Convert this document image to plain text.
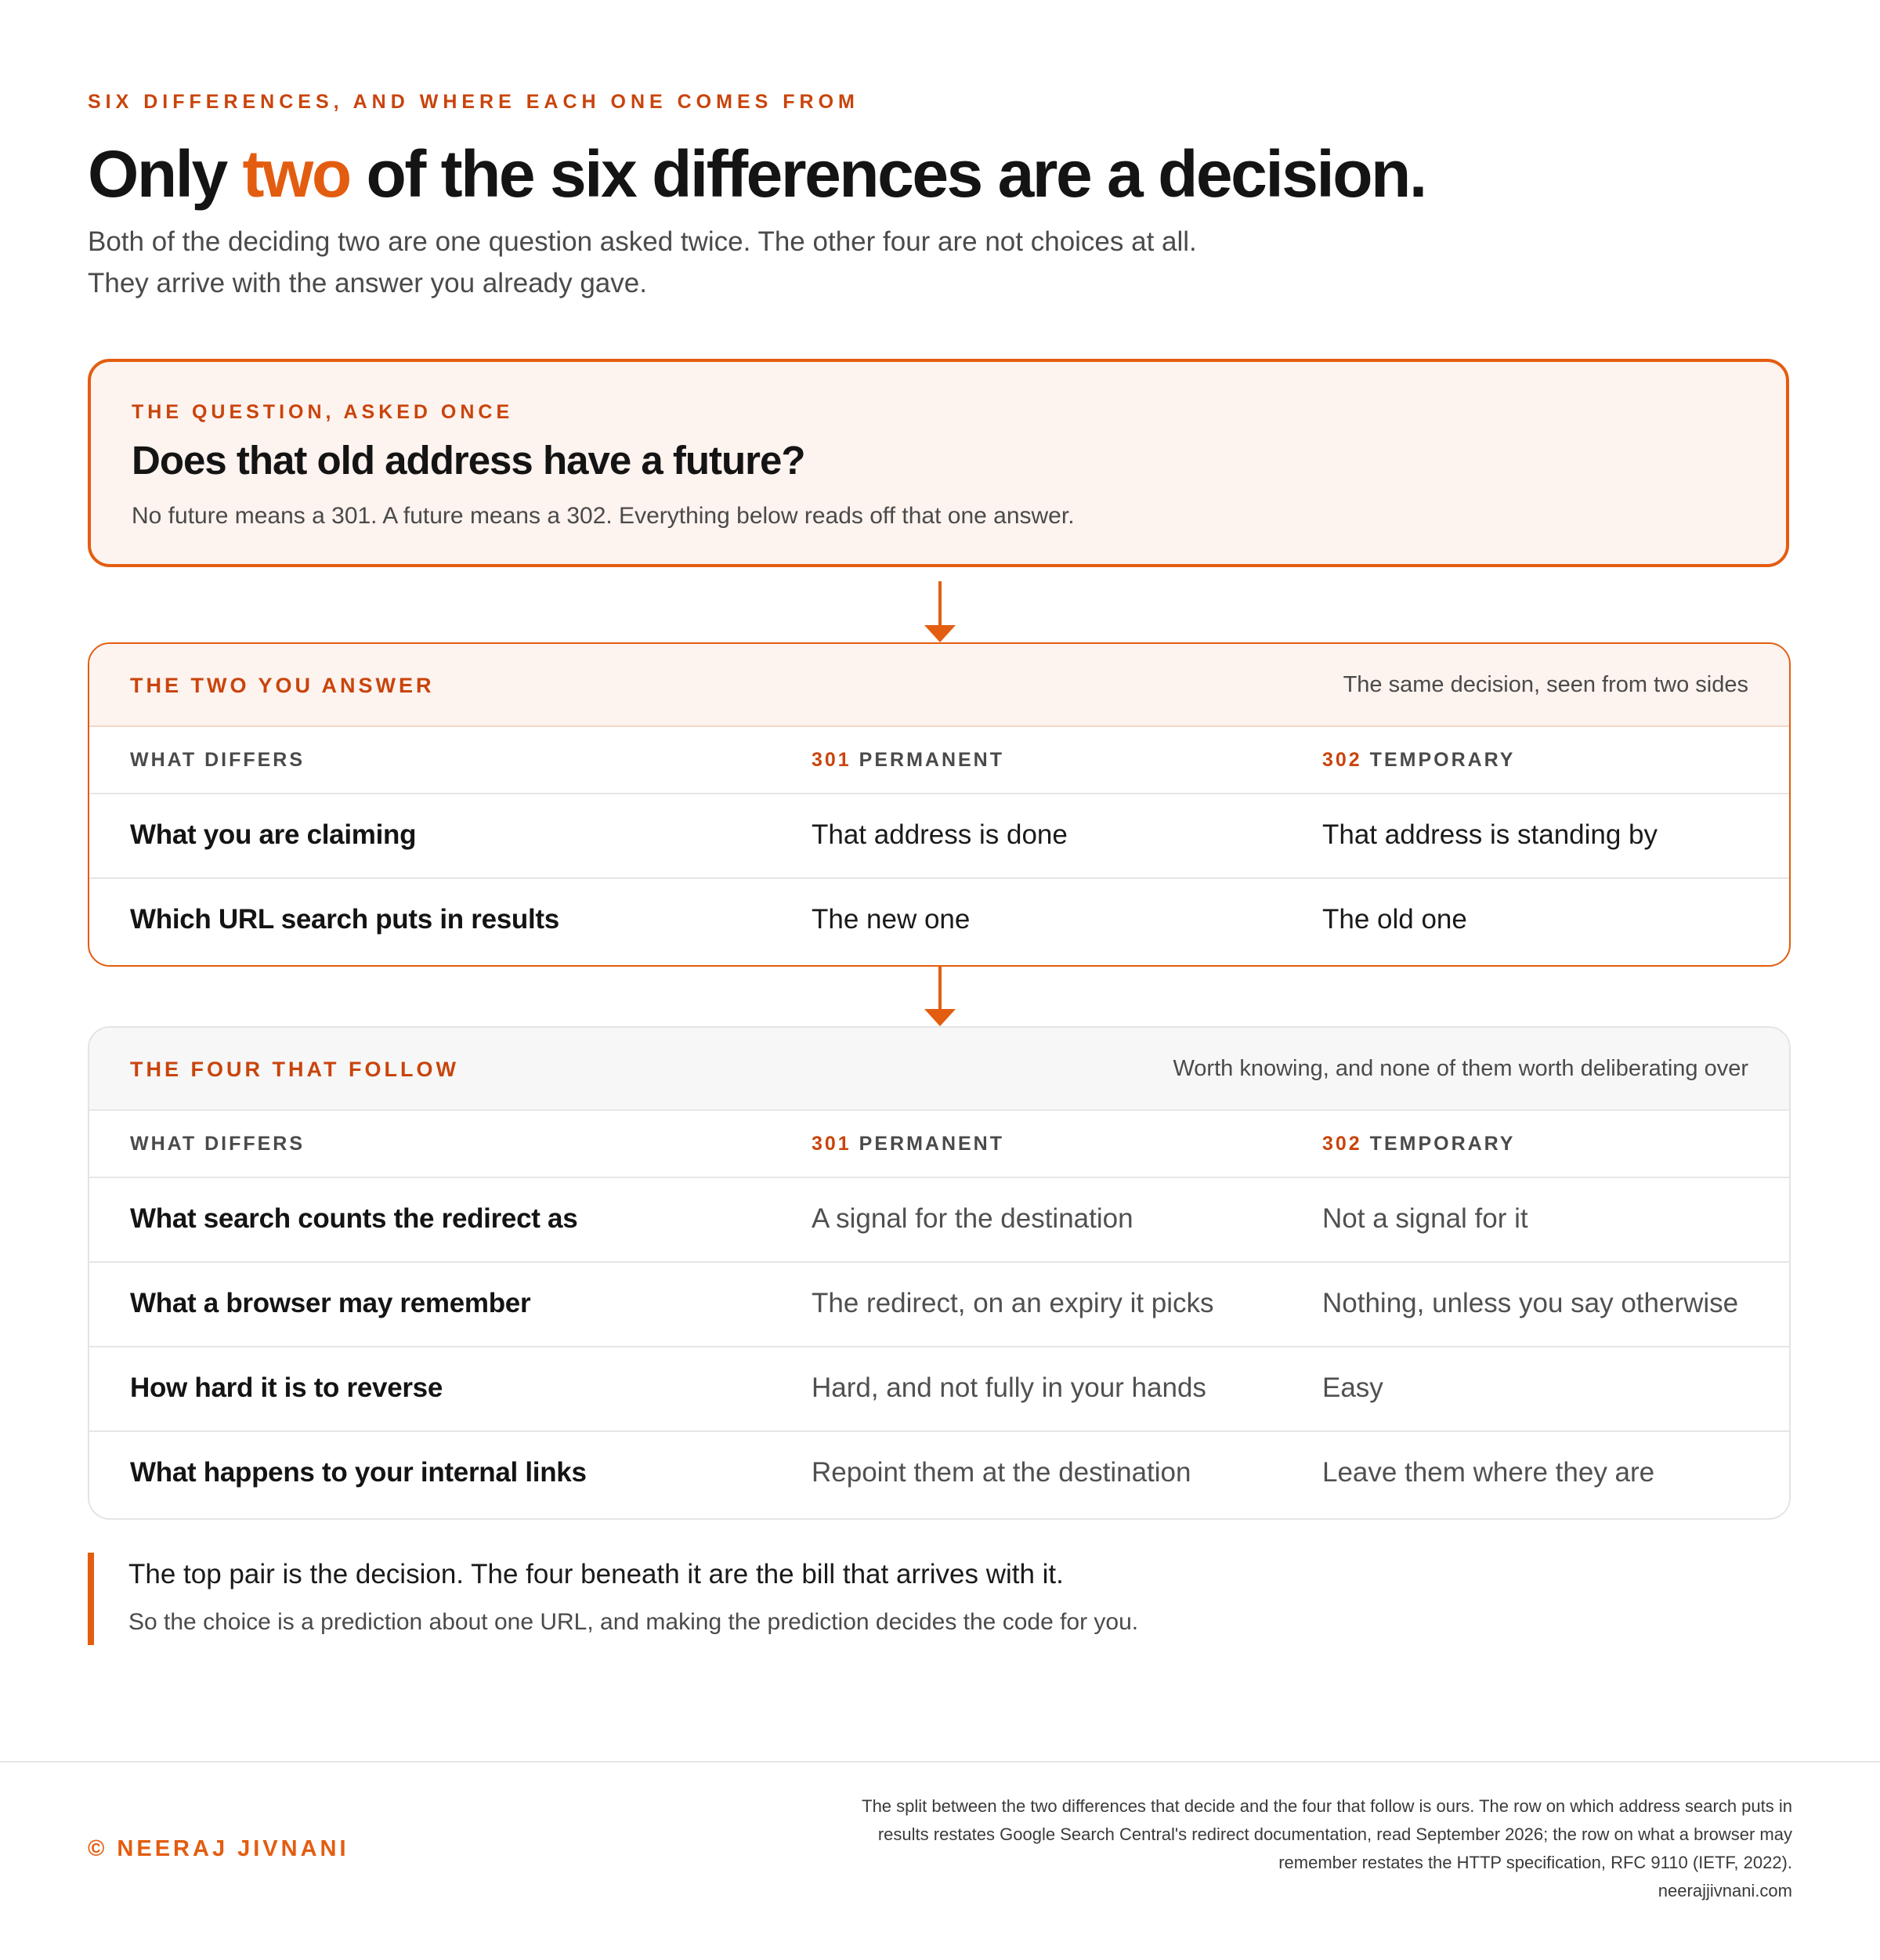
SIX DIFFERENCES, AND WHERE EACH ONE COMES FROM
Only two of the six differences are a decision.
Both of the deciding two are one question asked twice. The other four are not choices at all.
They arrive with the answer you already gave.
THE QUESTION, ASKED ONCE
Does that old address have a future?
No future means a 301. A future means a 302. Everything below reads off that one answer.
THE TWO YOU ANSWER	The same decision, seen from two sides
WHAT DIFFERS	301 PERMANENT	302 TEMPORARY
What you are claiming	That address is done	That address is standing by
Which URL search puts in results	The new one	The old one
THE FOUR THAT FOLLOW	Worth knowing, and none of them worth deliberating over
WHAT DIFFERS	301 PERMANENT	302 TEMPORARY
What search counts the redirect as	A signal for the destination	Not a signal for it
What a browser may remember	The redirect, on an expiry it picks	Nothing, unless you say otherwise
How hard it is to reverse	Hard, and not fully in your hands	Easy
What happens to your internal links	Repoint them at the destination	Leave them where they are
The top pair is the decision. The four beneath it are the bill that arrives with it.
So the choice is a prediction about one URL, and making the prediction decides the code for you.
© NEERAJ JIVNANI
The split between the two differences that decide and the four that follow is ours. The row on which address search puts in
results restates Google Search Central's redirect documentation, read September 2026; the row on what a browser may
remember restates the HTTP specification, RFC 9110 (IETF, 2022).
neerajjivnani.com
